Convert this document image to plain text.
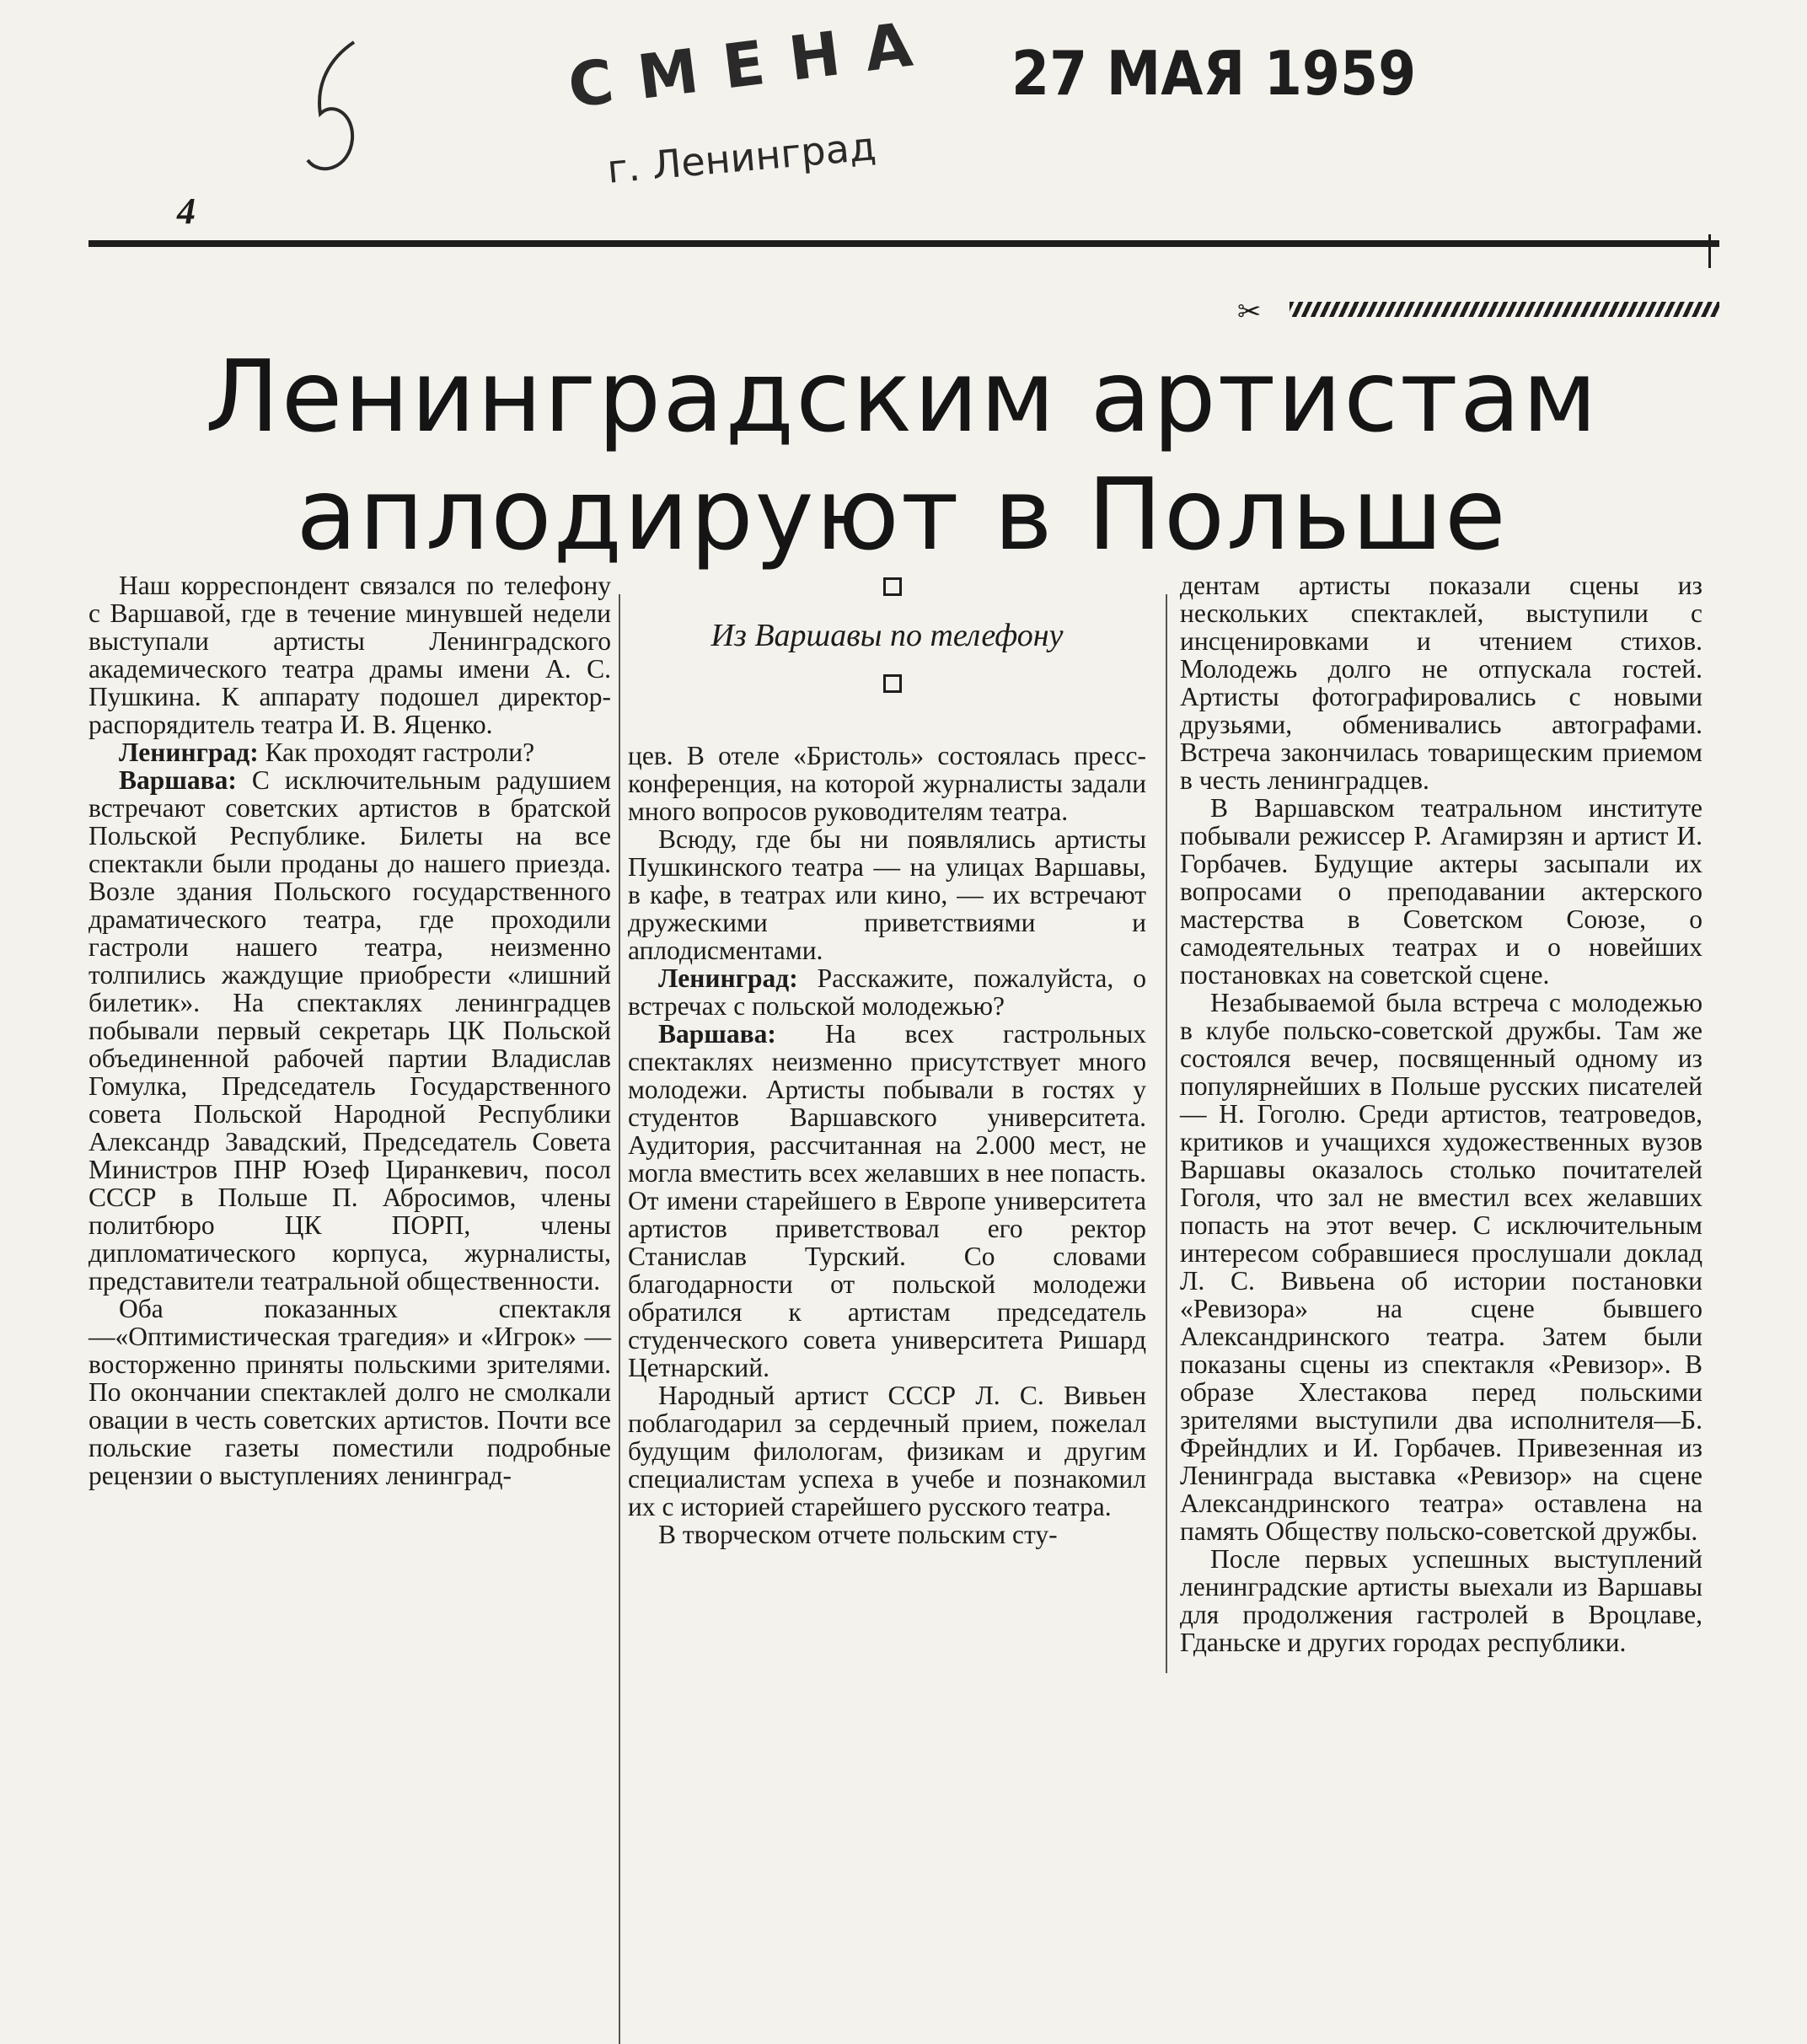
СМЕНА
г. Ленинград
27 МАЯ 1959
4
✂
Ленинградским артистам
аплодируют в Польше
Из Варшавы по телефону

Наш корреспондент связался по телефону с Варшавой, где в течение минувшей недели выступали артисты Ленинградского академического театра драмы имени А. С. Пушкина. К аппарату подошел директор-распорядитель театра И. В. Яценко.

Ленинград: Как проходят гастроли?

Варшава: С исключительным радушием встречают советских артистов в братской Польской Республике. Билеты на все спектакли были проданы до нашего приезда. Возле здания Польского государственного драматического театра, где проходили гастроли нашего театра, неизменно толпились жаждущие приобрести «лишний билетик». На спектаклях ленинградцев побывали первый секретарь ЦК Польской объединенной рабочей партии Владислав Гомулка, Председатель Государственного совета Польской Народной Республики Александр Завадский, Председатель Совета Министров ПНР Юзеф Циранкевич, посол СССР в Польше П. Абросимов, члены политбюро ЦК ПОРП, члены дипломатического корпуса, журналисты, представители театральной общественности.

Оба показанных спектакля—«Оптимистическая трагедия» и «Игрок» — восторженно приняты польскими зрителями. По окончании спектаклей долго не смолкали овации в честь советских артистов. Почти все польские газеты поместили подробные рецензии о выступлениях ленинград-

цев. В отеле «Бристоль» состоялась пресс-конференция, на которой журналисты задали много вопросов руководителям театра.

Всюду, где бы ни появлялись артисты Пушкинского театра — на улицах Варшавы, в кафе, в театрах или кино, — их встречают дружескими приветствиями и аплодисментами.

Ленинград: Расскажите, пожалуйста, о встречах с польской молодежью?

Варшава: На всех гастрольных спектаклях неизменно присутствует много молодежи. Артисты побывали в гостях у студентов Варшавского университета. Аудитория, рассчитанная на 2.000 мест, не могла вместить всех желавших в нее попасть. От имени старейшего в Европе университета артистов приветствовал его ректор Станислав Турский. Со словами благодарности от польской молодежи обратился к артистам председатель студенческого совета университета Ришард Цетнарский.

Народный артист СССР Л. С. Вивьен поблагодарил за сердечный прием, пожелал будущим филологам, физикам и другим специалистам успеха в учебе и познакомил их с историей старейшего русского театра.

В творческом отчете польским сту-

дентам артисты показали сцены из нескольких спектаклей, выступили с инсценировками и чтением стихов. Молодежь долго не отпускала гостей. Артисты фотографировались с новыми друзьями, обменивались автографами. Встреча закончилась товарищеским приемом в честь ленинградцев.

В Варшавском театральном институте побывали режиссер Р. Агамирзян и артист И. Горбачев. Будущие актеры засыпали их вопросами о преподавании актерского мастерства в Советском Союзе, о самодеятельных театрах и о новейших постановках на советской сцене.

Незабываемой была встреча с молодежью в клубе польско-советской дружбы. Там же состоялся вечер, посвященный одному из популярнейших в Польше русских писателей — Н. Гоголю. Среди артистов, театроведов, критиков и учащихся художественных вузов Варшавы оказалось столько почитателей Гоголя, что зал не вместил всех желавших попасть на этот вечер. С исключительным интересом собравшиеся прослушали доклад Л. С. Вивьена об истории постановки «Ревизора» на сцене бывшего Александринского театра. Затем были показаны сцены из спектакля «Ревизор». В образе Хлестакова перед польскими зрителями выступили два исполнителя—Б. Фрейндлих и И. Горбачев. Привезенная из Ленинграда выставка «Ревизор» на сцене Александринского театра» оставлена на память Обществу польско-советской дружбы.

После первых успешных выступлений ленинградские артисты выехали из Варшавы для продолжения гастролей в Вроцлаве, Гданьске и других городах республики.
